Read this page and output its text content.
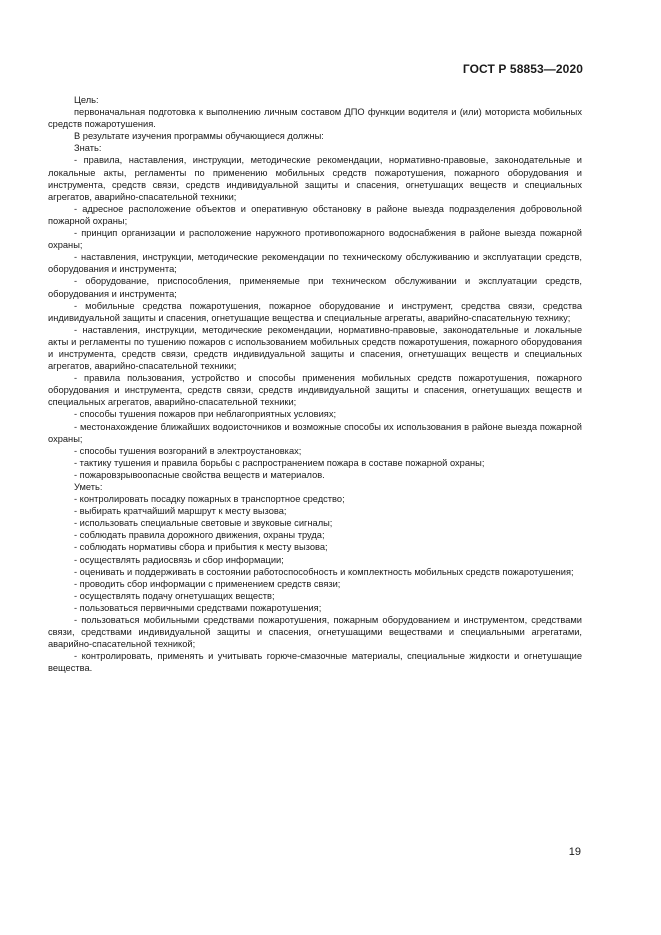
ГОСТ Р 58853—2020

Цель:

первоначальная подготовка к выполнению личным составом ДПО функции водителя и (или) моториста мобильных средств пожаротушения.

В результате изучения программы обучающиеся должны:

Знать:

- правила, наставления, инструкции, методические рекомендации, нормативно-правовые, законодательные и локальные акты, регламенты по применению мобильных средств пожаротушения, пожарного оборудования и инструмента, средств связи, средств индивидуальной защиты и спасения, огнетушащих веществ и специальных агрегатов, аварийно-спасательной техники;

- адресное расположение объектов и оперативную обстановку в районе выезда подразделения добровольной пожарной охраны;

- принцип организации и расположение наружного противопожарного водоснабжения в районе выезда пожарной охраны;

- наставления, инструкции, методические рекомендации по техническому обслуживанию и эксплуатации средств, оборудования и инструмента;

- оборудование, приспособления, применяемые при техническом обслуживании и эксплуатации средств, оборудования и инструмента;

- мобильные средства пожаротушения, пожарное оборудование и инструмент, средства связи, средства индивидуальной защиты и спасения, огнетушащие вещества и специальные агрегаты, аварийно-спасательную технику;

- наставления, инструкции, методические рекомендации, нормативно-правовые, законодательные и локальные акты и регламенты по тушению пожаров с использованием мобильных средств пожаротушения, пожарного оборудования и инструмента, средств связи, средств индивидуальной защиты и спасения, огнетушащих веществ и специальных агрегатов, аварийно-спасательной техники;

- правила пользования, устройство и способы применения мобильных средств пожаротушения, пожарного оборудования и инструмента, средств связи, средств индивидуальной защиты и спасения, огнетушащих веществ и специальных агрегатов, аварийно-спасательной техники;

- способы тушения пожаров при неблагоприятных условиях;

- местонахождение ближайших водоисточников и возможные способы их использования в районе выезда пожарной охраны;

- способы тушения возгораний в электроустановках;

- тактику тушения и правила борьбы с распространением пожара в составе пожарной охраны;

- пожаровзрывоопасные свойства веществ и материалов.

Уметь:

- контролировать посадку пожарных в транспортное средство;

- выбирать кратчайший маршрут к месту вызова;

- использовать специальные световые и звуковые сигналы;

- соблюдать правила дорожного движения, охраны труда;

- соблюдать нормативы сбора и прибытия к месту вызова;

- осуществлять радиосвязь и сбор информации;

- оценивать и поддерживать в состоянии работоспособность и комплектность мобильных средств пожаротушения;

- проводить сбор информации с применением средств связи;

- осуществлять подачу огнетушащих веществ;

- пользоваться первичными средствами пожаротушения;

- пользоваться мобильными средствами пожаротушения, пожарным оборудованием и инструментом, средствами связи, средствами индивидуальной защиты и спасения, огнетушащими веществами и специальными агрегатами, аварийно-спасательной техникой;

- контролировать, применять и учитывать горюче-смазочные материалы, специальные жидкости и огнетушащие вещества.

19
